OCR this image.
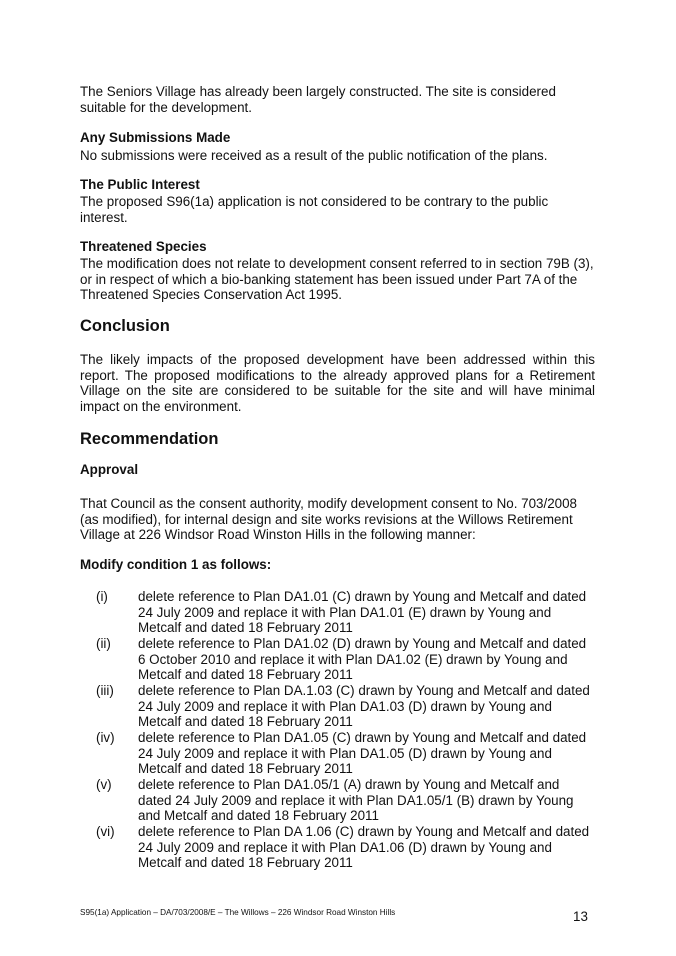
The Seniors Village has already been largely constructed. The site is considered suitable for the development.

Any Submissions Made

No submissions were received as a result of the public notification of the plans.

The Public Interest

The proposed S96(1a) application is not considered to be contrary to the public interest.

Threatened Species

The modification does not relate to development consent referred to in section 79B (3), or in respect of which a bio-banking statement has been issued under Part 7A of the Threatened Species Conservation Act 1995.

Conclusion

The likely impacts of the proposed development have been addressed within this report. The proposed modifications to the already approved plans for a Retirement Village on the site are considered to be suitable for the site and will have minimal impact on the environment.

Recommendation

Approval

That Council as the consent authority, modify development consent to No. 703/2008 (as modified), for internal design and site works revisions at the Willows Retirement Village at 226 Windsor Road Winston Hills in the following manner:

Modify condition 1 as follows:

(i) delete reference to Plan DA1.01 (C) drawn by Young and Metcalf and dated 24 July 2009 and replace it with Plan DA1.01 (E) drawn by Young and Metcalf and dated 18 February 2011
(ii) delete reference to Plan DA1.02 (D) drawn by Young and Metcalf and dated 6 October 2010 and replace it with Plan DA1.02 (E) drawn by Young and Metcalf and dated 18 February 2011
(iii) delete reference to Plan DA.1.03 (C) drawn by Young and Metcalf and dated 24 July 2009 and replace it with Plan DA1.03 (D) drawn by Young and Metcalf and dated 18 February 2011
(iv) delete reference to Plan DA1.05 (C) drawn by Young and Metcalf and dated 24 July 2009 and replace it with Plan DA1.05 (D) drawn by Young and Metcalf and dated 18 February 2011
(v) delete reference to Plan DA1.05/1 (A) drawn by Young and Metcalf and dated 24 July 2009 and replace it with Plan DA1.05/1 (B) drawn by Young and Metcalf and dated 18 February 2011
(vi) delete reference to Plan DA 1.06 (C) drawn by Young and Metcalf and dated 24 July 2009 and replace it with Plan DA1.06 (D) drawn by Young and Metcalf and dated 18 February 2011
S95(1a) Application – DA/703/2008/E – The Willows – 226 Windsor Road Winston Hills	13
